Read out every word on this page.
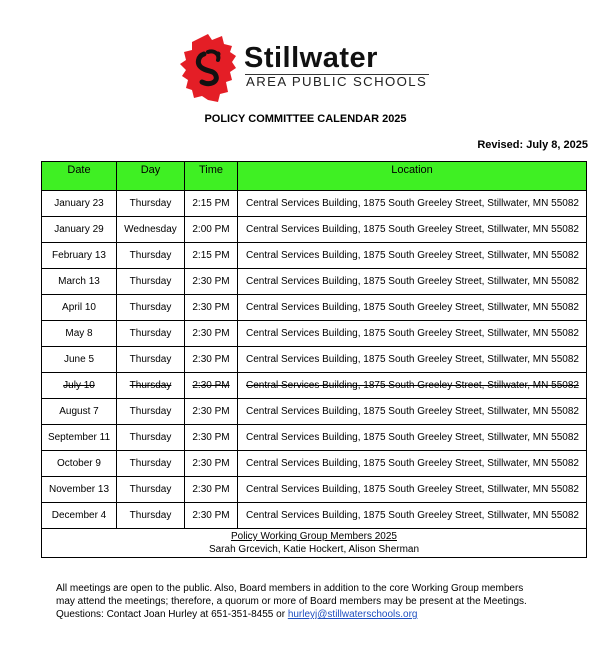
Stillwater
AREA PUBLIC SCHOOLS
POLICY COMMITTEE CALENDAR 2025
Revised: July 8, 2025
Date	Day	Time	Location
January 23	Thursday	2:15 PM	Central Services Building, 1875 South Greeley Street, Stillwater, MN 55082
January 29	Wednesday	2:00 PM	Central Services Building, 1875 South Greeley Street, Stillwater, MN 55082
February 13	Thursday	2:15 PM	Central Services Building, 1875 South Greeley Street, Stillwater, MN 55082
March 13	Thursday	2:30 PM	Central Services Building, 1875 South Greeley Street, Stillwater, MN 55082
April 10	Thursday	2:30 PM	Central Services Building, 1875 South Greeley Street, Stillwater, MN 55082
May 8	Thursday	2:30 PM	Central Services Building, 1875 South Greeley Street, Stillwater, MN 55082
June 5	Thursday	2:30 PM	Central Services Building, 1875 South Greeley Street, Stillwater, MN 55082
July 10	Thursday	2:30 PM	Central Services Building, 1875 South Greeley Street, Stillwater, MN 55082
August 7	Thursday	2:30 PM	Central Services Building, 1875 South Greeley Street, Stillwater, MN 55082
September 11	Thursday	2:30 PM	Central Services Building, 1875 South Greeley Street, Stillwater, MN 55082
October 9	Thursday	2:30 PM	Central Services Building, 1875 South Greeley Street, Stillwater, MN 55082
November 13	Thursday	2:30 PM	Central Services Building, 1875 South Greeley Street, Stillwater, MN 55082
December 4	Thursday	2:30 PM	Central Services Building, 1875 South Greeley Street, Stillwater, MN 55082

Policy Working Group Members 2025
Sarah Grcevich, Katie Hockert, Alison Sherman			
All meetings are open to the public. Also, Board members in addition to the core Working Group members
may attend the meetings; therefore, a quorum or more of Board members may be present at the Meetings.
Questions: Contact Joan Hurley at 651-351-8455 or hurleyj@stillwaterschools.org
